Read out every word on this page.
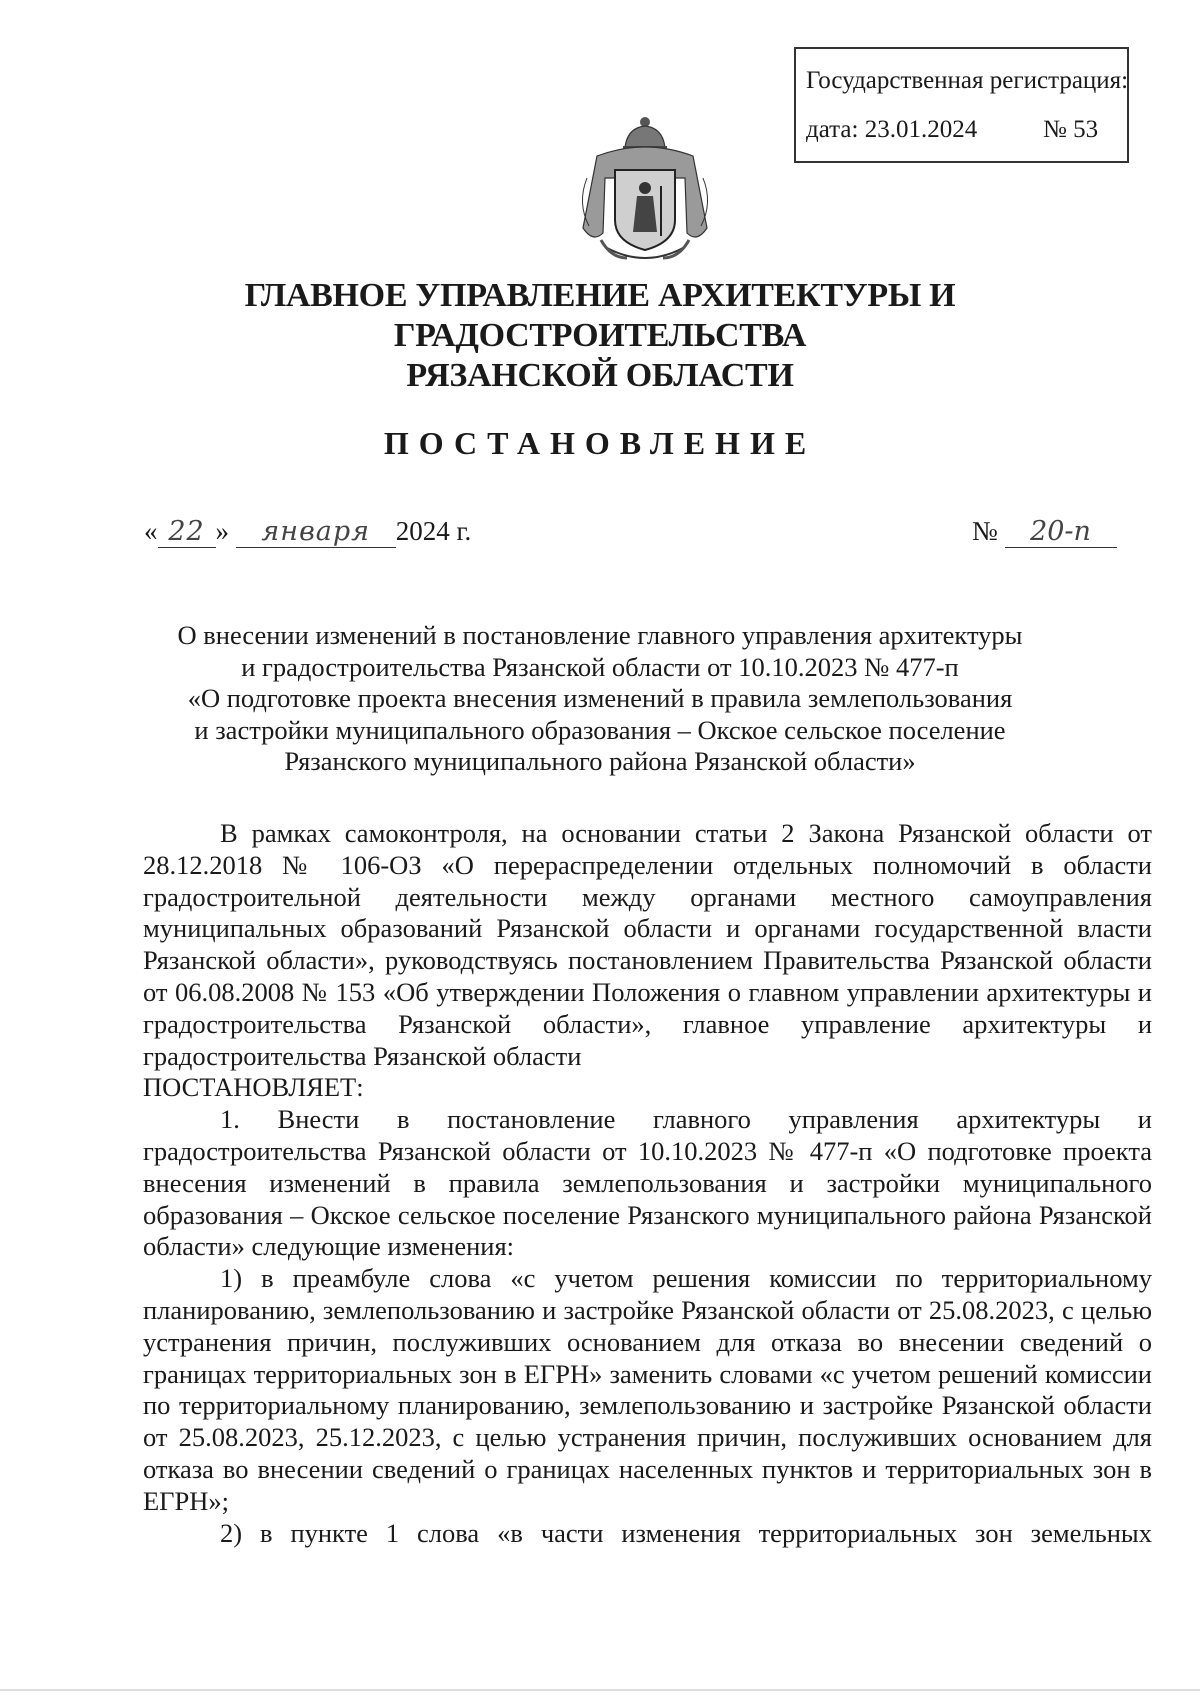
Государственная регистрация:
дата: 23.01.2024	№ 53
ГЛАВНОЕ УПРАВЛЕНИЕ АРХИТЕКТУРЫ И ГРАДОСТРОИТЕЛЬСТВА
РЯЗАНСКОЙ ОБЛАСТИ
ПОСТАНОВЛЕНИЕ
« 22 » января 2024 г.	№ 20-п
О внесении изменений в постановление главного управления архитектуры
и градостроительства Рязанской области от 10.10.2023 № 477-п
«О подготовке проекта внесения изменений в правила землепользования
и застройки муниципального образования – Окское сельское поселение
Рязанского муниципального района Рязанской области»

В рамках самоконтроля, на основании статьи 2 Закона Рязанской области от 28.12.2018 № 106-ОЗ «О перераспределении отдельных полномочий в области градостроительной деятельности между органами местного самоуправления муниципальных образований Рязанской области и органами государственной власти Рязанской области», руководствуясь постановлением Правительства Рязанской области от 06.08.2008 № 153 «Об утверждении Положения о главном управлении архитектуры и градостроительства Рязанской области», главное управление архитектуры и градостроительства Рязанской области

ПОСТАНОВЛЯЕТ:

1. Внести в постановление главного управления архитектуры и градостроительства Рязанской области от 10.10.2023 № 477-п «О подготовке проекта внесения изменений в правила землепользования и застройки муниципального образования – Окское сельское поселение Рязанского муниципального района Рязанской области» следующие изменения:

1) в преамбуле слова «с учетом решения комиссии по территориальному планированию, землепользованию и застройке Рязанской области от 25.08.2023, с целью устранения причин, послуживших основанием для отказа во внесении сведений о границах территориальных зон в ЕГРН» заменить словами «с учетом решений комиссии по территориальному планированию, землепользованию и застройке Рязанской области от 25.08.2023, 25.12.2023, с целью устранения причин, послуживших основанием для отказа во внесении сведений о границах населенных пунктов и территориальных зон в ЕГРН»;

2) в пункте 1 слова «в части изменения территориальных зон земельных
